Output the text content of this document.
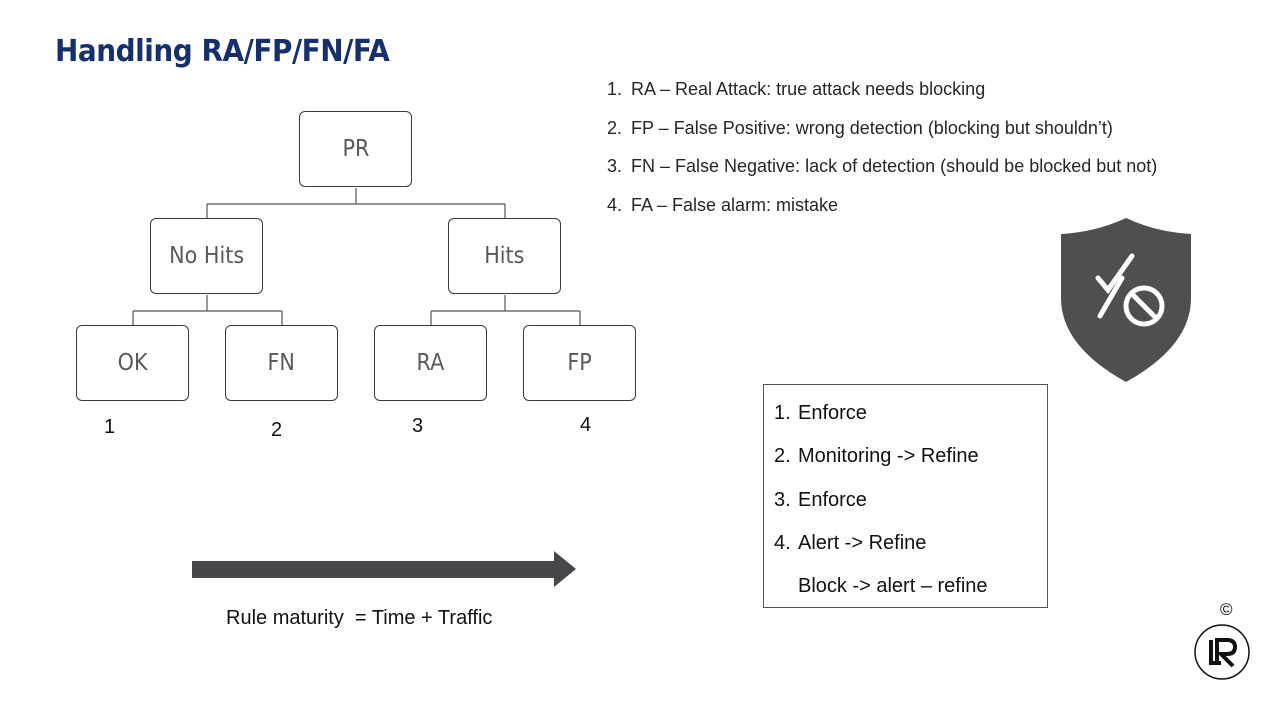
Handling RA/FP/FN/FA
1. RA – Real Attack: true attack needs blocking
2. FP – False Positive: wrong detection (blocking but shouldn’t)
3. FN – False Negative: lack of detection (should be blocked but not)
4. FA – False alarm: mistake
PR
No Hits	Hits
OK	FN	RA	FP
1	2	3	4
Rule maturity  = Time + Traffic
1. Enforce
2. Monitoring -> Refine
3. Enforce
4. Alert -> Refine
Block -> alert – refine
©
